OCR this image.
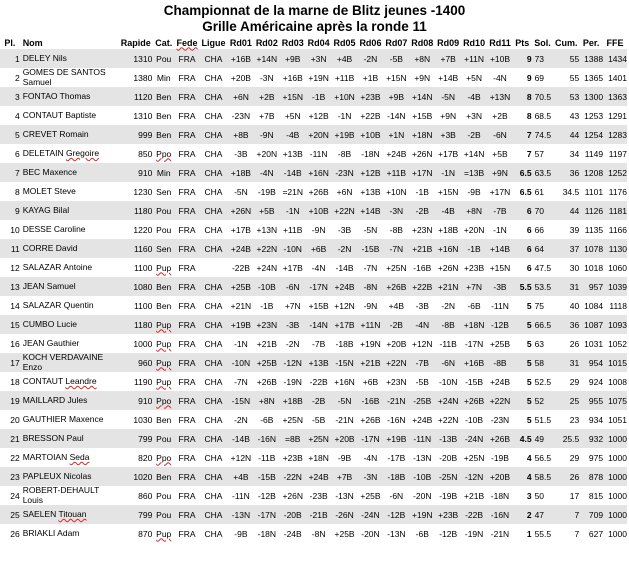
Championnat de la marne de Blitz jeunes -1400
Grille Américaine après la ronde 11
Pl.	Nom	Rapide	Cat.	Fede	Ligue	Rd01	Rd02	Rd03	Rd04	Rd05	Rd06	Rd07	Rd08	Rd09	Rd10	Rd11	Pts	Sol.	Cum.	Per.	FFE
1	DELEY Nils	1310	Pou	FRA	CHA	+16B	+14N	+9B	+3N	+4B	-2N	-5B	+8N	+7B	+11N	+10B	9	73	55	1388	1434
2	GOMES DE SANTOS Samuel	1380	Min	FRA	CHA	+20B	-3N	+16B	+19N	+11B	+1B	+15N	+9N	+14B	+5N	-4N	9	69	55	1365	1401
3	FONTAO Thomas	1120	Ben	FRA	CHA	+6N	+2B	+15N	-1B	+10N	+23B	+9B	+14N	-5N	-4B	+13N	8	70.5	53	1300	1363
4	CONTAUT Baptiste	1310	Ben	FRA	CHA	-23N	+7B	+5N	+12B	-1N	+22B	-14N	+15B	+9N	+3N	+2B	8	68.5	43	1253	1291
5	CREVET Romain	999	Ben	FRA	CHA	+8B	-9N	-4B	+20N	+19B	+10B	+1N	+18N	+3B	-2B	-6N	7	74.5	44	1254	1283
6	DELETAIN Gregoire	850	Ppo	FRA	CHA	-3B	+20N	+13B	-11N	-8B	-18N	+24B	+26N	+17B	+14N	+5B	7	57	34	1149	1197
7	BEC Maxence	910	Min	FRA	CHA	+18B	-4N	-14B	+16N	-23N	+12B	+11B	+17N	-1N	=13B	+9N	6.5	63.5	36	1208	1252
8	MOLET Steve	1230	Sen	FRA	CHA	-5N	-19B	=21N	+26B	+6N	+13B	+10N	-1B	+15N	-9B	+17N	6.5	61	34.5	1101	1176
9	KAYAG Bilal	1180	Pou	FRA	CHA	+26N	+5B	-1N	+10B	+22N	+14B	-3N	-2B	-4B	+8N	-7B	6	70	44	1126	1181
10	DESSE Caroline	1220	Pou	FRA	CHA	+17B	+13N	+11B	-9N	-3B	-5N	-8B	+23N	+18B	+20N	-1N	6	66	39	1135	1166
11	CORRE David	1160	Sen	FRA	CHA	+24B	+22N	-10N	+6B	-2N	-15B	-7N	+21B	+16N	-1B	+14B	6	64	37	1078	1130
12	SALAZAR Antoine	1100	Pup	FRA		-22B	+24N	+17B	-4N	-14B	-7N	+25N	-16B	+26N	+23B	+15N	6	47.5	30	1018	1060
13	JEAN Samuel	1080	Ben	FRA	CHA	+25B	-10B	-6N	-17N	+24B	-8N	+26B	+22B	+21N	+7N	-3B	5.5	53.5	31	957	1039
14	SALAZAR Quentin	1100	Ben	FRA	CHA	+21N	-1B	+7N	+15B	+12N	-9N	+4B	-3B	-2N	-6B	-11N	5	75	40	1084	1118
15	CUMBO Lucie	1180	Pup	FRA	CHA	+19B	+23N	-3B	-14N	+17B	+11N	-2B	-4N	-8B	+18N	-12B	5	66.5	36	1087	1093
16	JEAN Gauthier	1000	Pup	FRA	CHA	-1N	+21B	-2N	-7B	-18B	+19N	+20B	+12N	-11B	-17N	+25B	5	63	26	1031	1052
17	KOCH VERDAVAINE Enzo	960	Pup	FRA	CHA	-10N	+25B	-12N	+13B	-15N	+21B	+22N	-7B	-6N	+16B	-8B	5	58	31	954	1015
18	CONTAUT Leandre	1190	Pup	FRA	CHA	-7N	+26B	-19N	-22B	+16N	+6B	+23N	-5B	-10N	-15B	+24B	5	52.5	29	924	1008
19	MAILLARD Jules	910	Ppo	FRA	CHA	-15N	+8N	+18B	-2B	-5N	-16B	-21N	-25B	+24N	+26B	+22N	5	52	25	955	1075
20	GAUTHIER Maxence	1030	Ben	FRA	CHA	-2N	-6B	+25N	-5B	-21N	+26B	-16N	+24B	+22N	-10B	-23N	5	51.5	23	934	1051
21	BRESSON Paul	799	Pou	FRA	CHA	-14B	-16N	=8B	+25N	+20B	-17N	+19B	-11N	-13B	-24N	+26B	4.5	49	25.5	932	1000
22	MARTOIAN Seda	820	Ppo	FRA	CHA	+12N	-11B	+23B	+18N	-9B	-4N	-17B	-13N	-20B	+25N	-19B	4	56.5	29	975	1000
23	PAPLEUX Nicolas	1020	Ben	FRA	CHA	+4B	-15B	-22N	+24B	+7B	-3N	-18B	-10B	-25N	-12N	+20B	4	58.5	26	878	1000
24	ROBERT-DEHAULT Louis	860	Pou	FRA	CHA	-11N	-12B	+26N	-23B	-13N	+25B	-6N	-20N	-19B	+21B	-18N	3	50	17	815	1000
25	SAELEN Titouan	799	Pou	FRA	CHA	-13N	-17N	-20B	-21B	-26N	-24N	-12B	+19N	+23B	-22B	-16N	2	47	7	709	1000
26	BRIAKLI Adam	870	Pup	FRA	CHA	-9B	-18N	-24B	-8N	+25B	-20N	-13N	-6B	-12B	-19N	-21N	1	55.5	7	627	1000
